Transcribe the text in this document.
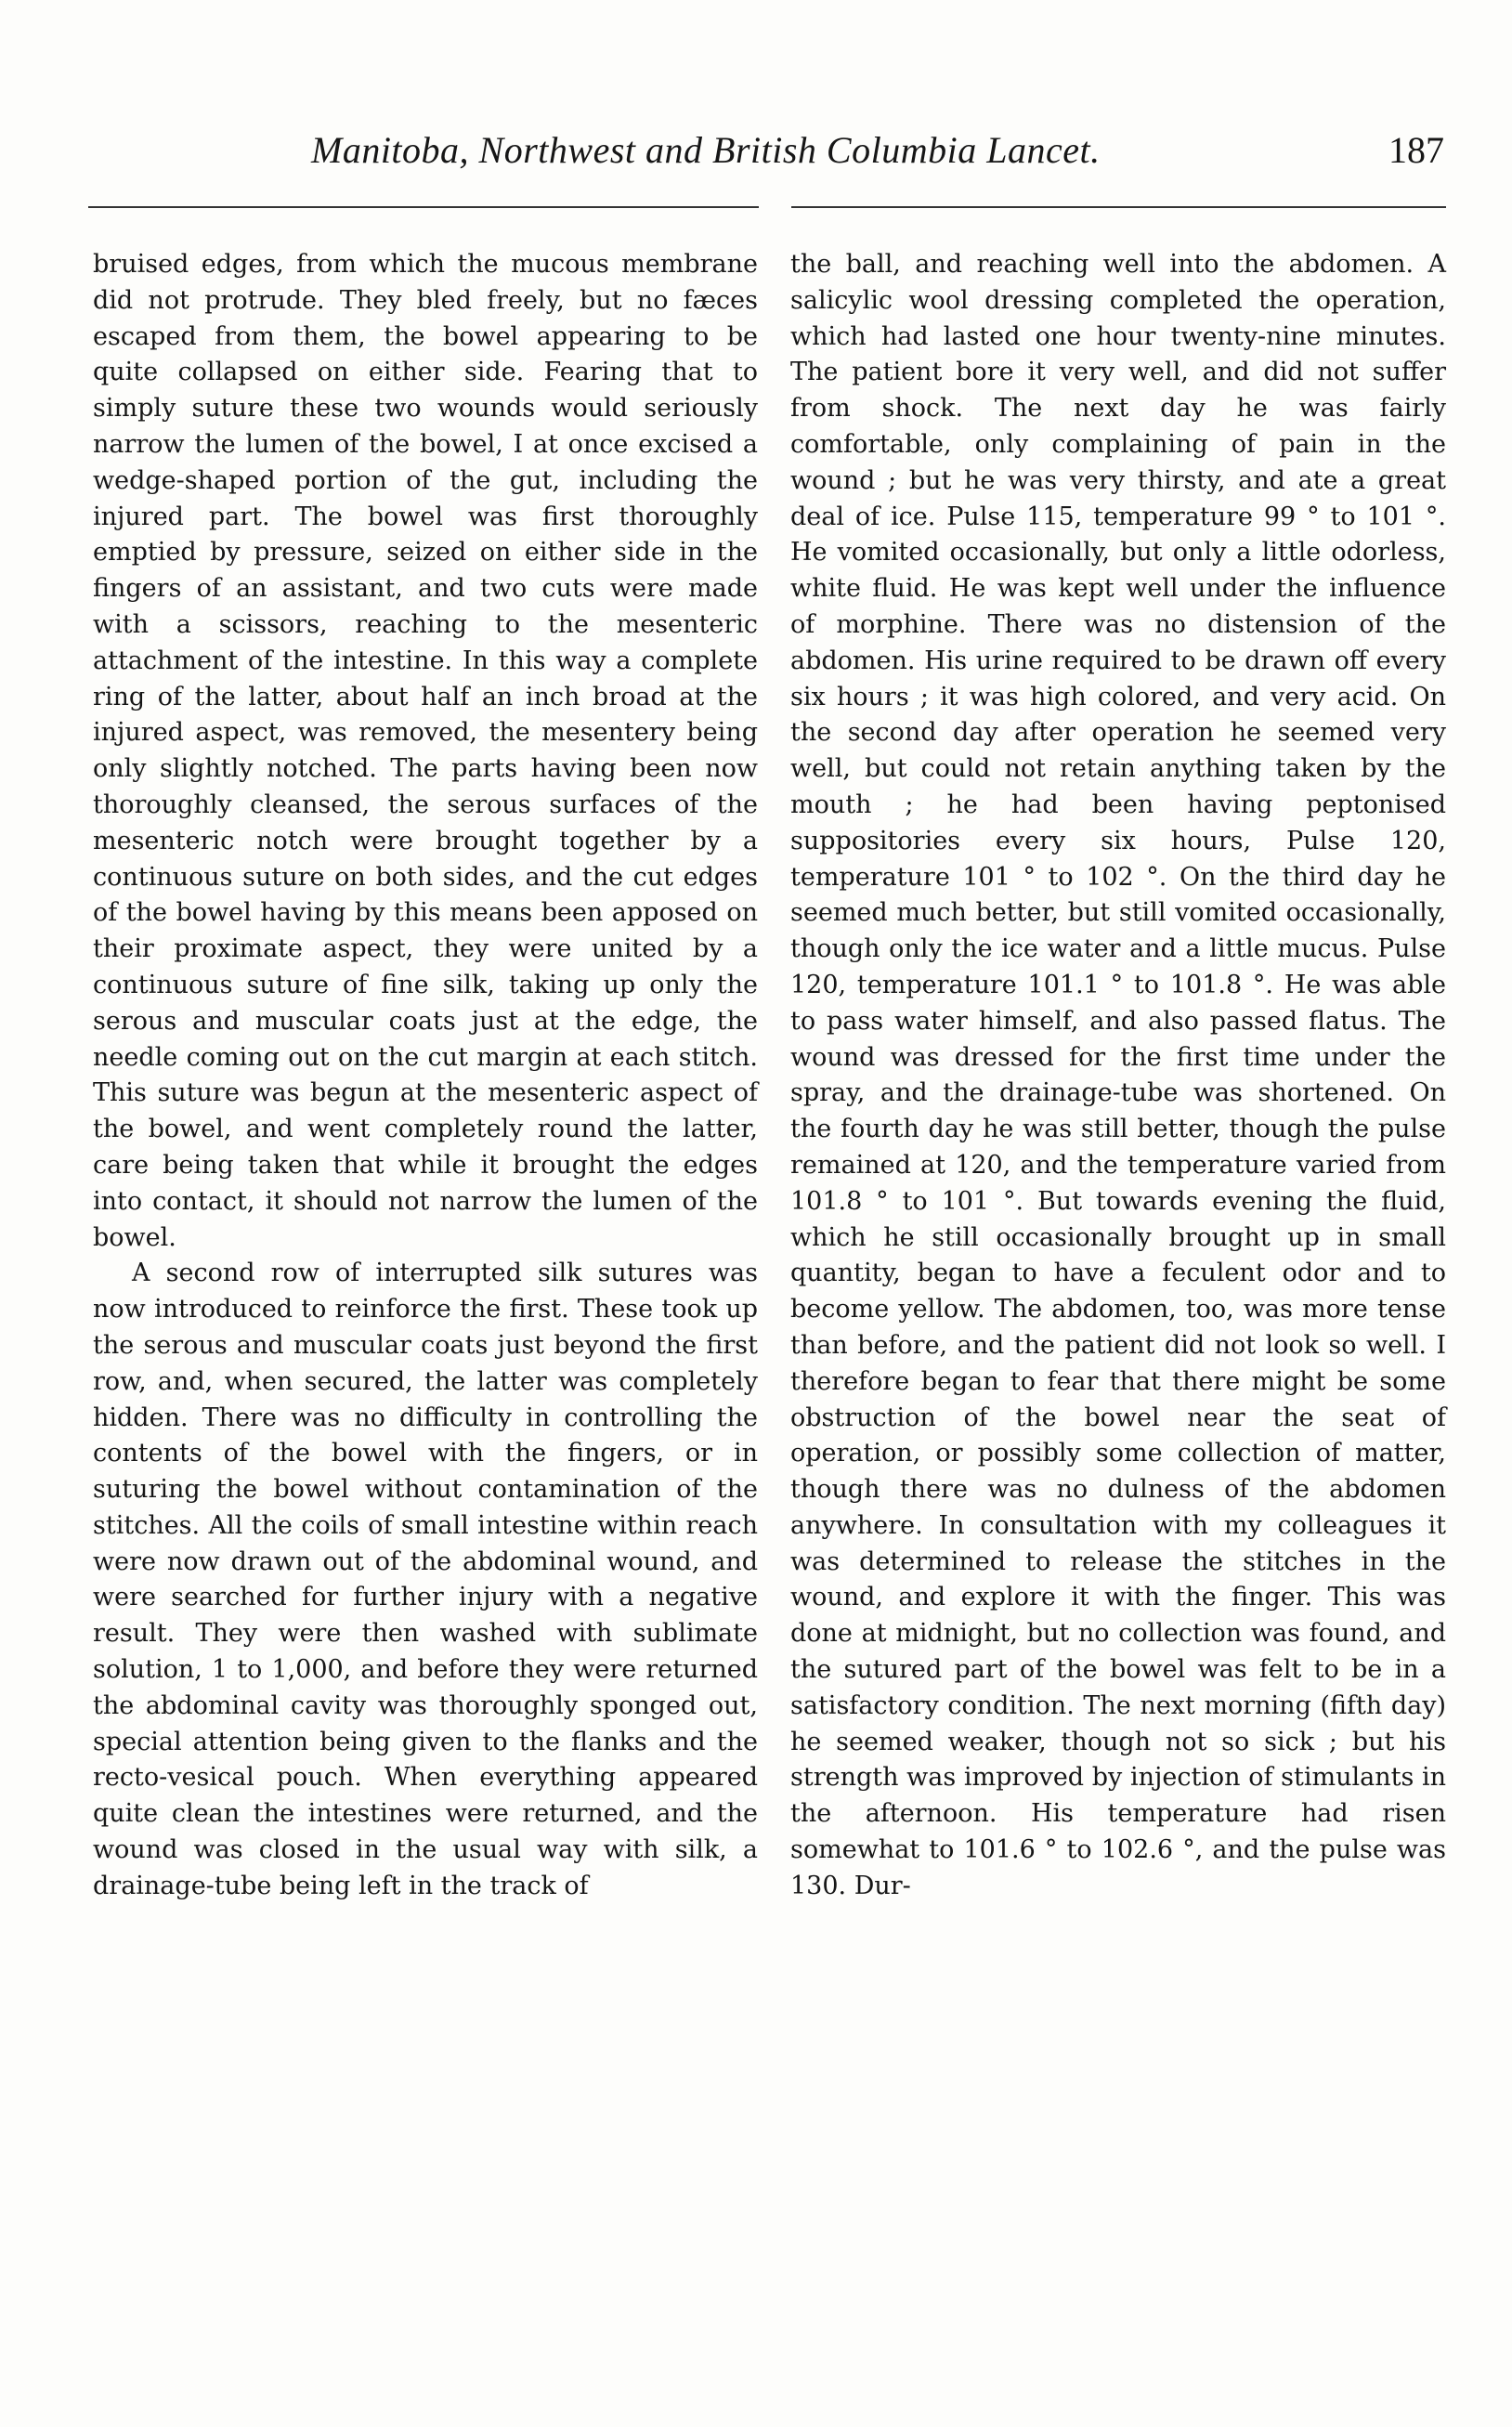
Manitoba, Northwest and British Columbia Lancet.	187

bruised edges, from which the mucous membrane did not protrude. They bled freely, but no fæces escaped from them, the bowel appearing to be quite collapsed on either side. Fearing that to simply suture these two wounds would seriously narrow the lumen of the bowel, I at once excised a wedge-shaped portion of the gut, including the injured part. The bowel was first thoroughly emptied by pressure, seized on either side in the fingers of an assistant, and two cuts were made with a scissors, reaching to the mesenteric attachment of the intestine. In this way a complete ring of the latter, about half an inch broad at the injured aspect, was removed, the mesentery being only slightly notched. The parts having been now thoroughly cleansed, the serous surfaces of the mesenteric notch were brought together by a continuous suture on both sides, and the cut edges of the bowel having by this means been apposed on their proximate aspect, they were united by a continuous suture of fine silk, taking up only the serous and muscular coats just at the edge, the needle coming out on the cut margin at each stitch. This suture was begun at the mesenteric aspect of the bowel, and went completely round the latter, care being taken that while it brought the edges into contact, it should not narrow the lumen of the bowel.

A second row of interrupted silk sutures was now introduced to reinforce the first. These took up the serous and muscular coats just beyond the first row, and, when secured, the latter was completely hidden. There was no difficulty in controlling the contents of the bowel with the fingers, or in suturing the bowel without contamination of the stitches. All the coils of small intestine within reach were now drawn out of the abdominal wound, and were searched for further injury with a negative result. They were then washed with sublimate solution, 1 to 1,000, and before they were returned the abdominal cavity was thoroughly sponged out, special attention being given to the flanks and the recto-vesical pouch. When everything appeared quite clean the intestines were returned, and the wound was closed in the usual way with silk, a drainage-tube being left in the track of

the ball, and reaching well into the abdomen. A salicylic wool dressing completed the operation, which had lasted one hour twenty-nine minutes. The patient bore it very well, and did not suffer from shock. The next day he was fairly comfortable, only complaining of pain in the wound ; but he was very thirsty, and ate a great deal of ice. Pulse 115, temperature 99 ° to 101 °. He vomited occasionally, but only a little odorless, white fluid. He was kept well under the influence of morphine. There was no distension of the abdomen. His urine required to be drawn off every six hours ; it was high colored, and very acid. On the second day after operation he seemed very well, but could not retain anything taken by the mouth ; he had been having peptonised suppositories every six hours, Pulse 120, temperature 101 ° to 102 °. On the third day he seemed much better, but still vomited occasionally, though only the ice water and a little mucus. Pulse 120, temperature 101.1 ° to 101.8 °. He was able to pass water himself, and also passed flatus. The wound was dressed for the first time under the spray, and the drainage-tube was shortened. On the fourth day he was still better, though the pulse remained at 120, and the temperature varied from 101.8 ° to 101 °. But towards evening the fluid, which he still occasionally brought up in small quantity, began to have a feculent odor and to become yellow. The abdomen, too, was more tense than before, and the patient did not look so well. I therefore began to fear that there might be some obstruction of the bowel near the seat of operation, or possibly some collection of matter, though there was no dulness of the abdomen anywhere. In consultation with my colleagues it was determined to release the stitches in the wound, and explore it with the finger. This was done at midnight, but no collection was found, and the sutured part of the bowel was felt to be in a satisfactory condition. The next morning (fifth day) he seemed weaker, though not so sick ; but his strength was improved by injection of stimulants in the afternoon. His temperature had risen somewhat to 101.6 ° to 102.6 °, and the pulse was 130. Dur-
